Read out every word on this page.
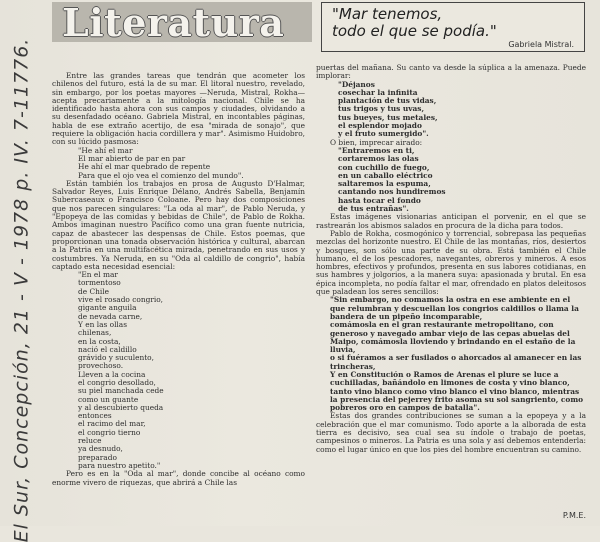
El Sur, Concepción, 21 - V - 1978 p. IV. 7-11776.
Literatura	"Mar tenemos,
todo el que se podía."
Gabriela Mistral.

Entre las grandes tareas que tendrán que acometer los chilenos del futuro, está la de su mar. El litoral nuestro, revelado, sin embargo, por los poetas mayores —Neruda, Mistral, Rokha— acepta precariamente a la mitología nacional. Chile se ha identificado hasta ahora con sus campos y ciudades, olvidando a su desenfadado océano. Gabriela Mistral, en incontables páginas, habla de ese extraño acertijo, de esa "mirada de sonajo", que requiere la obligación hacia cordillera y mar". Asimismo Huidobro, con su lúcido pasmosa:

"He ahí el mar
El mar abierto de par en par
He ahí el mar quebrado de repente
Para que el ojo vea el comienzo del mundo".

Están también los trabajos en prosa de Augusto D'Halmar, Salvador Reyes, Luis Enrique Délano, Andrés Sabella, Benjamín Subercaseaux o Francisco Coloane. Pero hay dos composiciones que nos parecen singulares: "La oda al mar", de Pablo Neruda, y "Epopeya de las comidas y bebidas de Chile", de Pablo de Rokha. Ambos imaginan nuestro Pacífico como una gran fuente nutricia, capaz de abastecer las despensas de Chile. Estos poemas, que proporcionan una tonada observación histórica y cultural, abarcan a la Patria en una multifacética mirada, penetrando en sus usos y costumbres. Ya Neruda, en su "Oda al caldillo de congrio", había captado esta necesidad esencial:

"En el mar
tormentoso
de Chile
vive el rosado congrio,
gigante anguila
de nevada carne,
Y en las ollas
chilenas,
en la costa,
nació el caldillo
grávido y suculento,
provechoso.
Lleven a la cocina
el congrio desollado,
su piel manchada cede
como un guante
y al descubierto queda
entonces
el racimo del mar,
el congrio tierno
reluce
ya desnudo,
preparado
para nuestro apetito."

Pero es en la "Oda al mar", donde concibe al océano como enorme vivero de riquezas, que abrirá a Chile las

puertas del mañana. Su canto va desde la súplica a la amenaza. Puede implorar:

"Déjanos
cosechar la infinita
plantación de tus vidas,
tus trigos y tus uvas,
tus bueyes, tus metales,
el esplendor mojado
y el fruto sumergido".

O bien, imprecar airado:

"Entraremos en ti,
cortaremos las olas
con cuchillo de fuego,
en un caballo eléctrico
saltaremos la espuma,
cantando nos hundiremos
hasta tocar el fondo
de tus entrañas".

Estas imágenes visionarias anticipan el porvenir, en el que se rastrearán los abismos salados en procura de la dicha para todos.

Pablo de Rokha, cosmogónico y torrencial, sobrepasa las pequeñas mezclas del horizonte nuestro. El Chile de las montañas, ríos, desiertos y bosques, son sólo una parte de su obra. Está también el Chile humano, el de los pescadores, navegantes, obreros y mineros. A esos hombres, efectivos y profundos, presenta en sus labores cotidianas, en sus hambres y jolgorios, a la manera suya: apasionada y brutal. En esa épica incompleta, no podía faltar el mar, ofrendado en platos deleitosos que paladean los seres sencillos:

"Sin embargo, no comamos la ostra en ese ambiente en el que relumbran y descuellan los congrios caldillos o llama la bandera de un pipeño incomparable,
comámosla en el gran restaurante metropolitano, con generoso y navegado ambar viejo de las cepas abuelas del Maipo, comámosla lloviendo y brindando en el estaño de la lluvia,
o si fuéramos a ser fusilados o ahorcados al amanecer en las trincheras,
Y en Constitución o Ramos de Arenas el plure se luce a cuchilladas, bañándolo en limones de costa y vino blanco, tanto vino blanco como vino blanco el vino blanco, mientras la presencia del pejerrey frito asoma su sol sangriento, como pobreros oro en campos de batalla".

Estas dos grandes contribuciones se suman a la epopeya y a la celebración que el mar comunismo. Todo aporte a la alborada de esta tierra es decisivo, sea cual sea su índole o trabajo de poetas, campesinos o mineros. La Patria es una sola y así debemos entenderla: como el lugar único en que los pies del hombre encuentran su camino.

P.M.E.
